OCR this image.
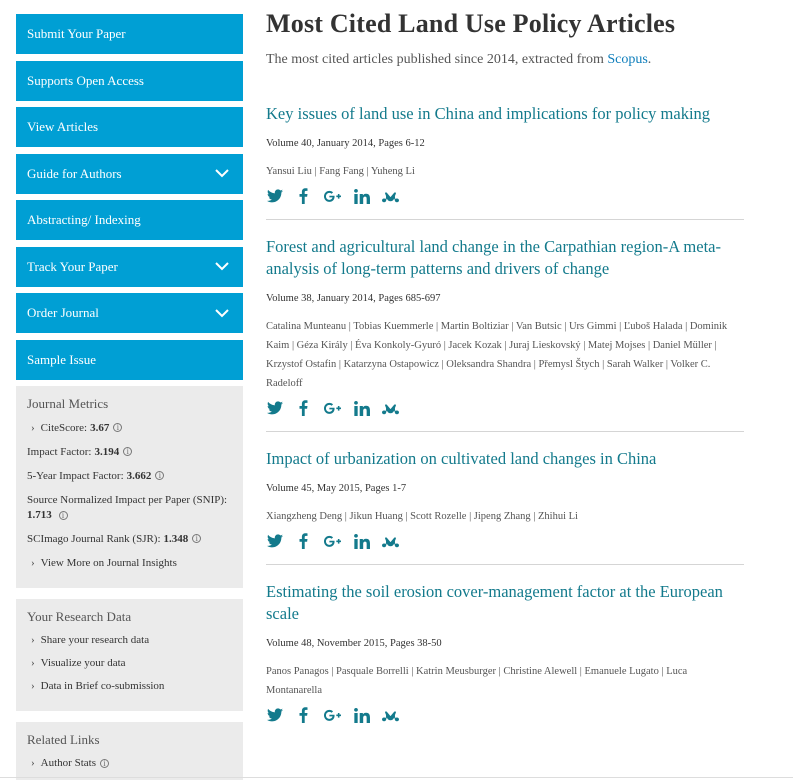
Submit Your Paper
Supports Open Access
View Articles
Guide for Authors
Abstracting/ Indexing
Track Your Paper
Order Journal
Sample Issue
Journal Metrics
› CiteScore: 3.67 i
Impact Factor: 3.194 i
5-Year Impact Factor: 3.662 i
Source Normalized Impact per Paper (SNIP): 1.713 i
SCImago Journal Rank (SJR): 1.348 i
› View More on Journal Insights
Your Research Data
› Share your research data
› Visualize your data
› Data in Brief co-submission
Related Links
› Author Stats i
Most Cited Land Use Policy Articles

The most cited articles published since 2014, extracted from Scopus.

Key issues of land use in China and implications for policy making
Volume 40, January 2014, Pages 6-12
Yansui Liu | Fang Fang | Yuheng Li
Forest and agricultural land change in the Carpathian region-A meta-analysis of long-term patterns and drivers of change
Volume 38, January 2014, Pages 685-697
Catalina Munteanu | Tobias Kuemmerle | Martin Boltiziar | Van Butsic | Urs Gimmi | Ľuboš Halada | Dominik Kaim | Géza Király | Éva Konkoly-Gyuró | Jacek Kozak | Juraj Lieskovský | Matej Mojses | Daniel Müller | Krzystof Ostafin | Katarzyna Ostapowicz | Oleksandra Shandra | Přemysl Štych | Sarah Walker | Volker C. Radeloff
Impact of urbanization on cultivated land changes in China
Volume 45, May 2015, Pages 1-7
Xiangzheng Deng | Jikun Huang | Scott Rozelle | Jipeng Zhang | Zhihui Li
Estimating the soil erosion cover-management factor at the European scale
Volume 48, November 2015, Pages 38-50
Panos Panagos | Pasquale Borrelli | Katrin Meusburger | Christine Alewell | Emanuele Lugato | Luca Montanarella
